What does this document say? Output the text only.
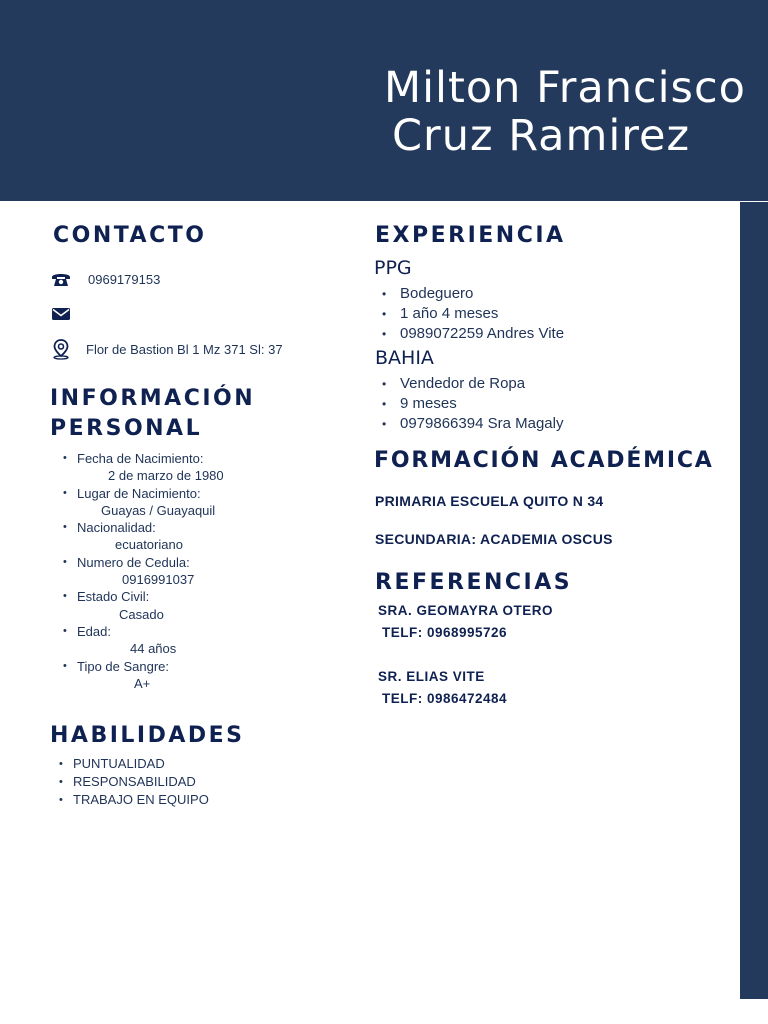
Milton Francisco
Cruz Ramirez
CONTACTO
0969179153
Flor de Bastion Bl 1 Mz 371 Sl: 37
INFORMACIÓN
PERSONAL
• Fecha de Nacimiento:
2 de marzo de 1980
• Lugar de Nacimiento:
Guayas / Guayaquil
• Nacionalidad:
ecuatoriano
• Numero de Cedula:
0916991037
• Estado Civil:
Casado
• Edad:
44 años
• Tipo de Sangre:
A+
HABILIDADES
• PUNTUALIDAD
• RESPONSABILIDAD
• TRABAJO EN EQUIPO
EXPERIENCIA
PPG
• Bodeguero
• 1 año 4 meses
• 0989072259 Andres Vite
BAHIA
• Vendedor de Ropa
• 9 meses
• 0979866394 Sra Magaly
FORMACIÓN ACADÉMICA
PRIMARIA ESCUELA QUITO N 34
SECUNDARIA: ACADEMIA OSCUS
REFERENCIAS
SRA. GEOMAYRA OTERO
TELF: 0968995726
SR. ELIAS VITE
TELF: 0986472484
